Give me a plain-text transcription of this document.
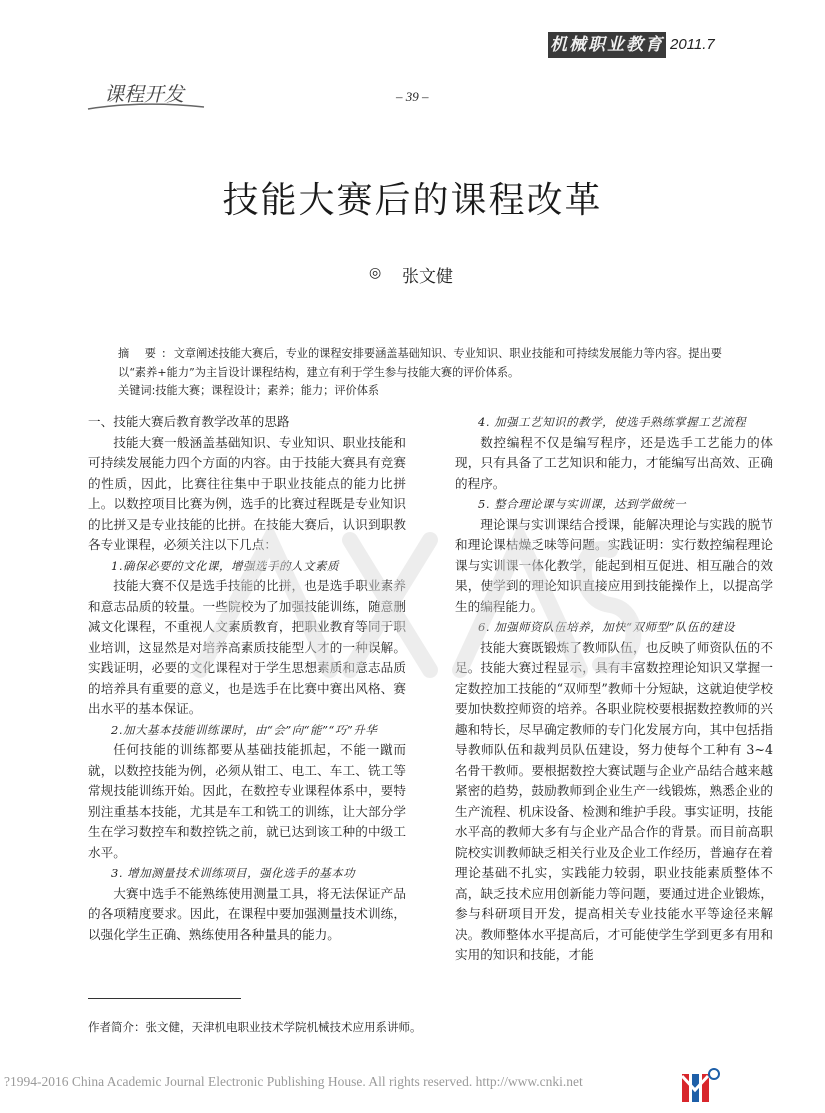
机械职业教育 2011.7
课程开发	– 39 –
技能大赛后的课程改革
◎ 张文健
摘 要: 文章阐述技能大赛后，专业的课程安排要涵盖基础知识、专业知识、职业技能和可持续发展能力等内容。提出要以“素养+能力”为主旨设计课程结构，建立有利于学生参与技能大赛的评价体系。
关键词:技能大赛；课程设计；素养；能力；评价体系
一、技能大赛后教育教学改革的思路

技能大赛一般涵盖基础知识、专业知识、职业技能和可持续发展能力四个方面的内容。由于技能大赛具有竞赛的性质，因此，比赛往往集中于职业技能点的能力比拼上。以数控项目比赛为例，选手的比赛过程既是专业知识的比拼又是专业技能的比拼。在技能大赛后，认识到职教各专业课程，必须关注以下几点：

1.确保必要的文化课，增强选手的人文素质

技能大赛不仅是选手技能的比拼，也是选手职业素养和意志品质的较量。一些院校为了加强技能训练，随意删减文化课程，不重视人文素质教育，把职业教育等同于职业培训，这显然是对培养高素质技能型人才的一种误解。实践证明，必要的文化课程对于学生思想素质和意志品质的培养具有重要的意义，也是选手在比赛中赛出风格、赛出水平的基本保证。

2.加大基本技能训练课时，由“会”向“能”“巧”升华

任何技能的训练都要从基础技能抓起，不能一蹴而就，以数控技能为例，必须从钳工、电工、车工、铣工等常规技能训练开始。因此，在数控专业课程体系中，要特别注重基本技能，尤其是车工和铣工的训练，让大部分学生在学习数控车和数控铣之前，就已达到该工种的中级工水平。

3. 增加测量技术训练项目，强化选手的基本功

大赛中选手不能熟练使用测量工具，将无法保证产品的各项精度要求。因此，在课程中要加强测量技术训练，以强化学生正确、熟练使用各种量具的能力。

4. 加强工艺知识的教学，使选手熟练掌握工艺流程

数控编程不仅是编写程序，还是选手工艺能力的体现，只有具备了工艺知识和能力，才能编写出高效、正确的程序。

5. 整合理论课与实训课，达到学做统一

理论课与实训课结合授课，能解决理论与实践的脱节和理论课枯燥乏味等问题。实践证明：实行数控编程理论课与实训课一体化教学，能起到相互促进、相互融合的效果，使学到的理论知识直接应用到技能操作上，以提高学生的编程能力。

6. 加强师资队伍培养，加快“双师型”队伍的建设

技能大赛既锻炼了教师队伍，也反映了师资队伍的不足。技能大赛过程显示，具有丰富数控理论知识又掌握一定数控加工技能的“双师型”教师十分短缺，这就迫使学校要加快数控师资的培养。各职业院校要根据数控教师的兴趣和特长，尽早确定教师的专门化发展方向，其中包括指导教师队伍和裁判员队伍建设，努力使每个工种有 3~4 名骨干教师。要根据数控大赛试题与企业产品结合越来越紧密的趋势，鼓励教师到企业生产一线锻炼，熟悉企业的生产流程、机床设备、检测和维护手段。事实证明，技能水平高的教师大多有与企业产品合作的背景。而目前高职院校实训教师缺乏相关行业及企业工作经历，普遍存在着理论基础不扎实，实践能力较弱，职业技能素质整体不高，缺乏技术应用创新能力等问题，要通过进企业锻炼，参与科研项目开发，提高相关专业技能水平等途径来解决。教师整体水平提高后，才可能使学生学到更多有用和实用的知识和技能，才能

作者简介：张文健，天津机电职业技术学院机械技术应用系讲师。
?1994-2016 China Academic Journal Electronic Publishing House. All rights reserved. http://www.cnki.net
